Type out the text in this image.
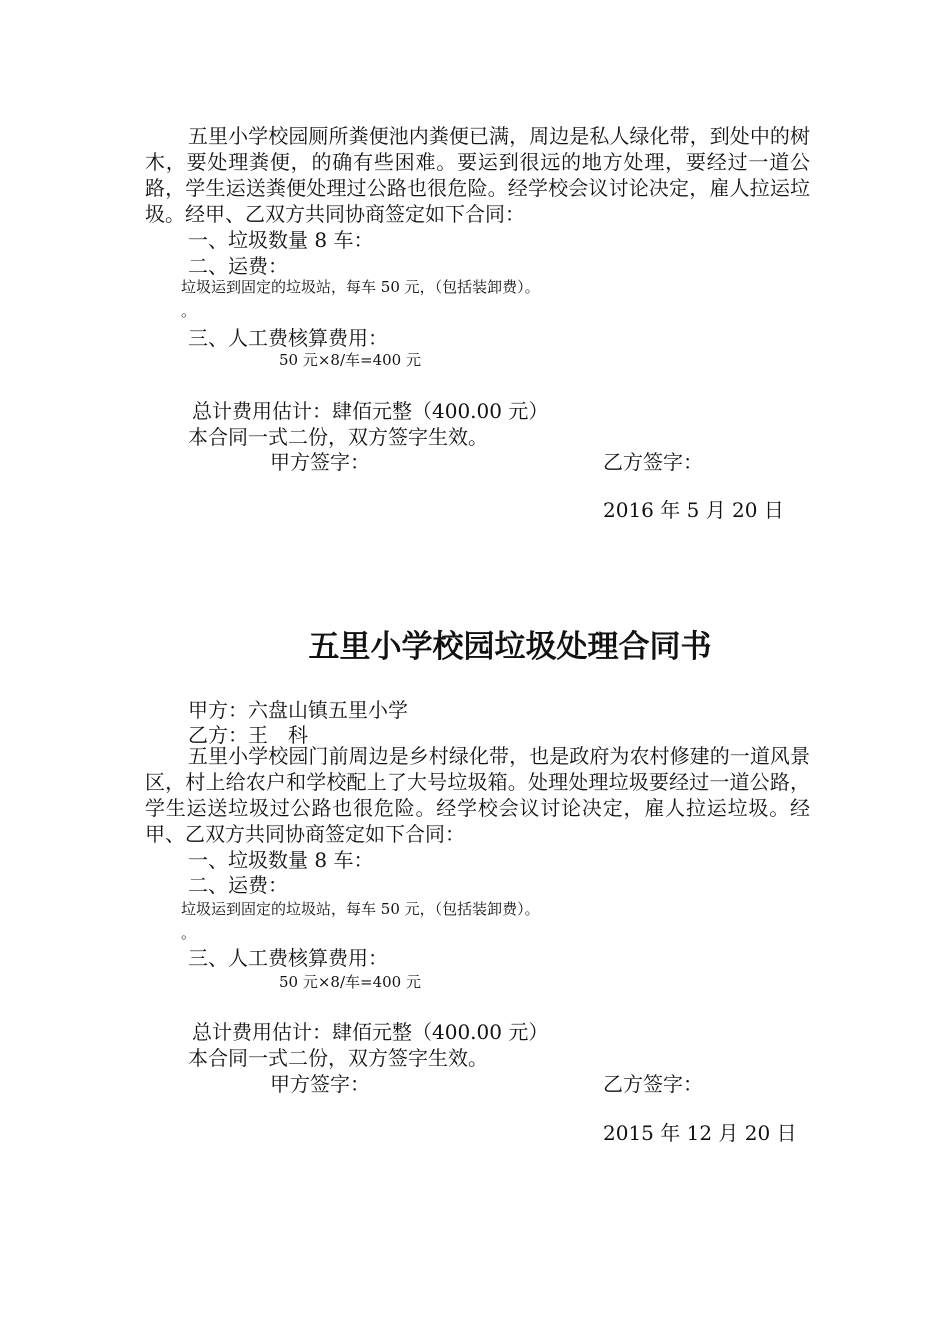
五里小学校园厕所粪便池内粪便已满，周边是私人绿化带，到处中的树木，要处理粪便，的确有些困难。要运到很远的地方处理，要经过一道公路，学生运送粪便处理过公路也很危险。经学校会议讨论决定，雇人拉运垃圾。经甲、乙双方共同协商签定如下合同：
一、垃圾数量 8 车：
二、运费：
垃圾运到固定的垃圾站，每车 50 元，（包括装卸费）。
。
三、人工费核算费用：
50 元×8/车=400 元
总计费用估计：肆佰元整（400.00 元）
本合同一式二份，双方签字生效。
甲方签字：	乙方签字：
2016 年 5 月 20 日
五里小学校园垃圾处理合同书
甲方：六盘山镇五里小学
乙方：王　科
五里小学校园门前周边是乡村绿化带，也是政府为农村修建的一道风景区，村上给农户和学校配上了大号垃圾箱。处理处理垃圾要经过一道公路，学生运送垃圾过公路也很危险。经学校会议讨论决定，雇人拉运垃圾。经甲、乙双方共同协商签定如下合同：
一、垃圾数量 8 车：
二、运费：
垃圾运到固定的垃圾站，每车 50 元，（包括装卸费）。
。
三、人工费核算费用：
50 元×8/车=400 元
总计费用估计：肆佰元整（400.00 元）
本合同一式二份，双方签字生效。
甲方签字：	乙方签字：
2015 年 12 月 20 日
